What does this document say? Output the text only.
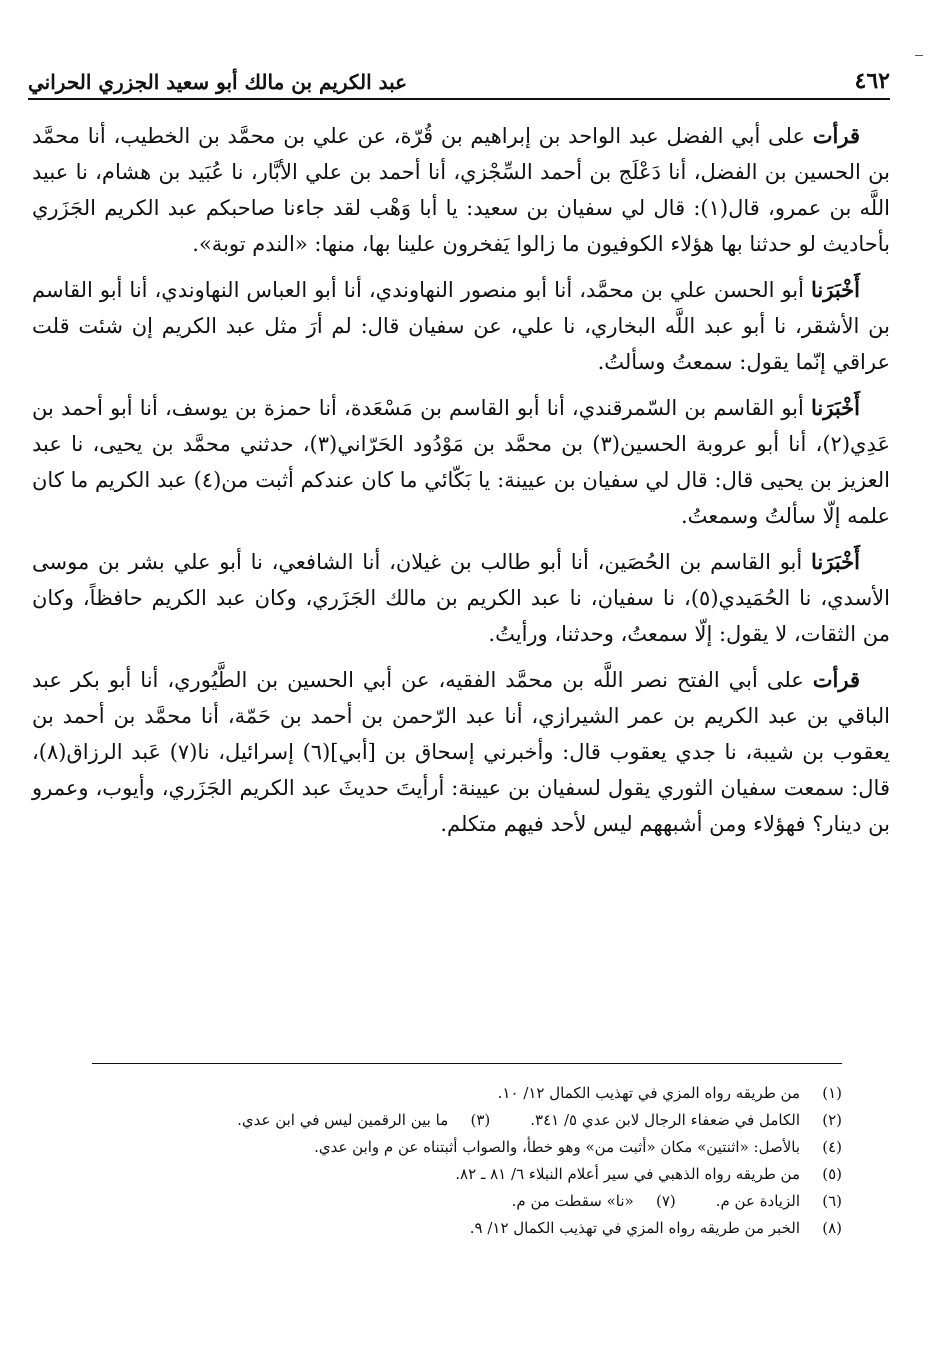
٤٦٢
عبد الكريم بن مالك أبو سعيد الجزري الحراني

قرأت على أبي الفضل عبد الواحد بن إبراهيم بن قُرّة، عن علي بن محمَّد بن الخطيب، أنا محمَّد بن الحسين بن الفضل، أنا دَعْلَج بن أحمد السِّجْزي، أنا أحمد بن علي الأبَّار، نا عُبَيد بن هشام، نا عبيد اللَّه بن عمرو، قال(١): قال لي سفيان بن سعيد: يا أبا وَهْب لقد جاءنا صاحبكم عبد الكريم الجَزَري بأحاديث لو حدثنا بها هؤلاء الكوفيون ما زالوا يَفخرون علينا بها، منها: «الندم توبة».

أَخْبَرَنا أبو الحسن علي بن محمَّد، أنا أبو منصور النهاوندي، أنا أبو العباس النهاوندي، أنا أبو القاسم بن الأشقر، نا أبو عبد اللَّه البخاري، نا علي، عن سفيان قال: لم أرَ مثل عبد الكريم إن شئت قلت عراقي إنّما يقول: سمعتُ وسألتُ.

أَخْبَرَنا أبو القاسم بن السّمرقندي، أنا أبو القاسم بن مَسْعَدة، أنا حمزة بن يوسف، أنا أبو أحمد بن عَدِي(٢)، أنا أبو عروبة الحسين(٣) بن محمَّد بن مَوْدُود الحَرّاني(٣)، حدثني محمَّد بن يحيى، نا عبد العزيز بن يحيى قال: قال لي سفيان بن عيينة: يا بَكّائي ما كان عندكم أثبت من(٤) عبد الكريم ما كان علمه إلّا سألتُ وسمعتُ.

أَخْبَرَنا أبو القاسم بن الحُصَين، أنا أبو طالب بن غيلان، أنا الشافعي، نا أبو علي بشر بن موسى الأسدي، نا الحُمَيدي(٥)، نا سفيان، نا عبد الكريم بن مالك الجَزَري، وكان عبد الكريم حافظاً، وكان من الثقات، لا يقول: إلّا سمعتُ، وحدثنا، ورأيتُ.

قرأت على أبي الفتح نصر اللَّه بن محمَّد الفقيه، عن أبي الحسين بن الطَّيُوري، أنا أبو بكر عبد الباقي بن عبد الكريم بن عمر الشيرازي، أنا عبد الرّحمن بن أحمد بن حَمّة، أنا محمَّد بن أحمد بن يعقوب بن شيبة، نا جدي يعقوب قال: وأخبرني إسحاق بن [أبي](٦) إسرائيل، نا(٧) عَبد الرزاق(٨)، قال: سمعت سفيان الثوري يقول لسفيان بن عيينة: أرأيتَ حديثَ عبد الكريم الجَزَري، وأيوب، وعمرو بن دينار؟ فهؤلاء ومن أشبههم ليس لأحد فيهم متكلم.

(١)
من طريقه رواه المزي في تهذيب الكمال ١٢/ ١٠.
(٢)
الكامل في ضعفاء الرجال لابن عدي ٥/ ٣٤١.
(٣)
ما بين الرقمين ليس في ابن عدي.
(٤)
بالأصل: «اثنتين» مكان «أثبت من» وهو خطأ، والصواب أثبتناه عن م وابن عدي.
(٥)
من طريقه رواه الذهبي في سير أعلام النبلاء ٦/ ٨١ ـ ٨٢.
(٦)
الزيادة عن م.
(٧)
«نا» سقطت من م.
(٨)
الخبر من طريقه رواه المزي في تهذيب الكمال ١٢/ ٩.
